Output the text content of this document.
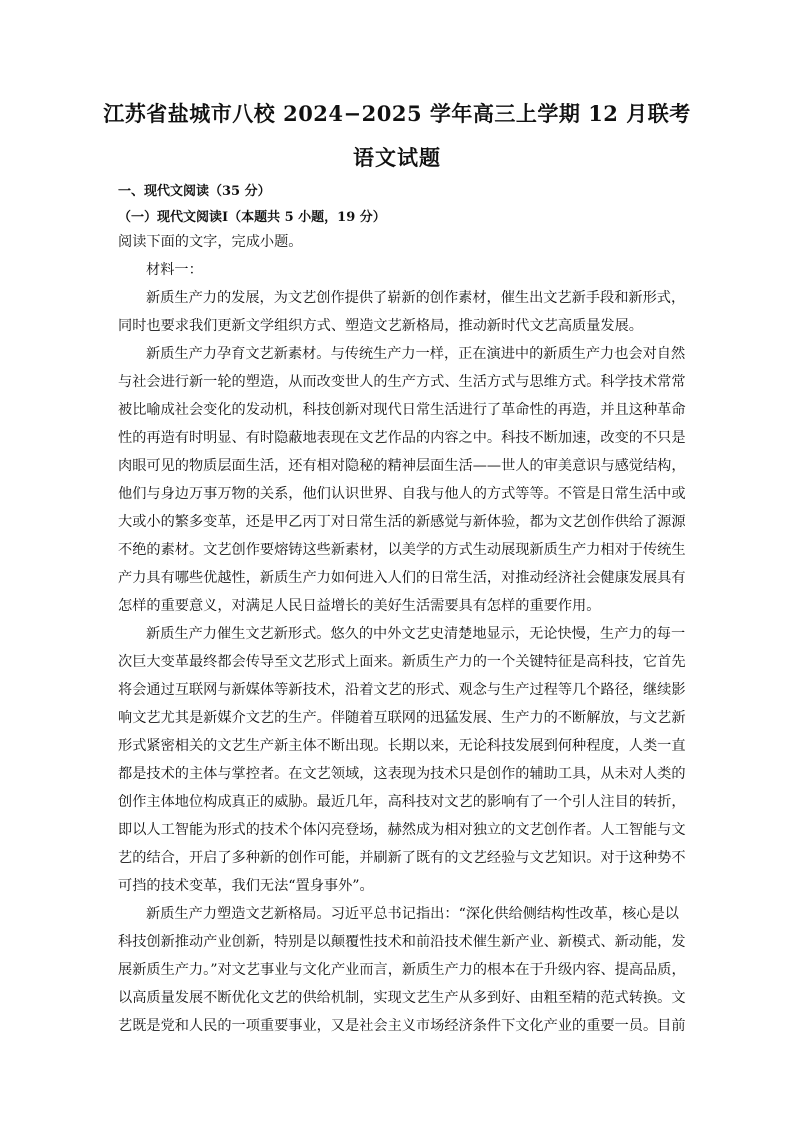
江苏省盐城市八校 2024−2025 学年高三上学期 12 月联考
语文试题
一、现代文阅读（35 分）
（一）现代文阅读Ⅰ（本题共 5 小题，19 分）
阅读下面的文字，完成小题。
材料一：
新质生产力的发展，为文艺创作提供了崭新的创作素材，催生出文艺新手段和新形式，
同时也要求我们更新文学组织方式、塑造文艺新格局，推动新时代文艺高质量发展。
新质生产力孕育文艺新素材。与传统生产力一样，正在演进中的新质生产力也会对自然
与社会进行新一轮的塑造，从而改变世人的生产方式、生活方式与思维方式。科学技术常常
被比喻成社会变化的发动机，科技创新对现代日常生活进行了革命性的再造，并且这种革命
性的再造有时明显、有时隐蔽地表现在文艺作品的内容之中。科技不断加速，改变的不只是
肉眼可见的物质层面生活，还有相对隐秘的精神层面生活——世人的审美意识与感觉结构，
他们与身边万事万物的关系，他们认识世界、自我与他人的方式等等。不管是日常生活中或
大或小的繁多变革，还是甲乙丙丁对日常生活的新感觉与新体验，都为文艺创作供给了源源
不绝的素材。文艺创作要熔铸这些新素材，以美学的方式生动展现新质生产力相对于传统生
产力具有哪些优越性，新质生产力如何进入人们的日常生活，对推动经济社会健康发展具有
怎样的重要意义，对满足人民日益增长的美好生活需要具有怎样的重要作用。
新质生产力催生文艺新形式。悠久的中外文艺史清楚地显示，无论快慢，生产力的每一
次巨大变革最终都会传导至文艺形式上面来。新质生产力的一个关键特征是高科技，它首先
将会通过互联网与新媒体等新技术，沿着文艺的形式、观念与生产过程等几个路径，继续影
响文艺尤其是新媒介文艺的生产。伴随着互联网的迅猛发展、生产力的不断解放，与文艺新
形式紧密相关的文艺生产新主体不断出现。长期以来，无论科技发展到何种程度，人类一直
都是技术的主体与掌控者。在文艺领域，这表现为技术只是创作的辅助工具，从未对人类的
创作主体地位构成真正的威胁。最近几年，高科技对文艺的影响有了一个引人注目的转折，
即以人工智能为形式的技术个体闪亮登场，赫然成为相对独立的文艺创作者。人工智能与文
艺的结合，开启了多种新的创作可能，并刷新了既有的文艺经验与文艺知识。对于这种势不
可挡的技术变革，我们无法“置身事外”。
新质生产力塑造文艺新格局。习近平总书记指出：“深化供给侧结构性改革，核心是以
科技创新推动产业创新，特别是以颠覆性技术和前沿技术催生新产业、新模式、新动能，发
展新质生产力。”对文艺事业与文化产业而言，新质生产力的根本在于升级内容、提高品质，
以高质量发展不断优化文艺的供给机制，实现文艺生产从多到好、由粗至精的范式转换。文
艺既是党和人民的一项重要事业，又是社会主义市场经济条件下文化产业的重要一员。目前
